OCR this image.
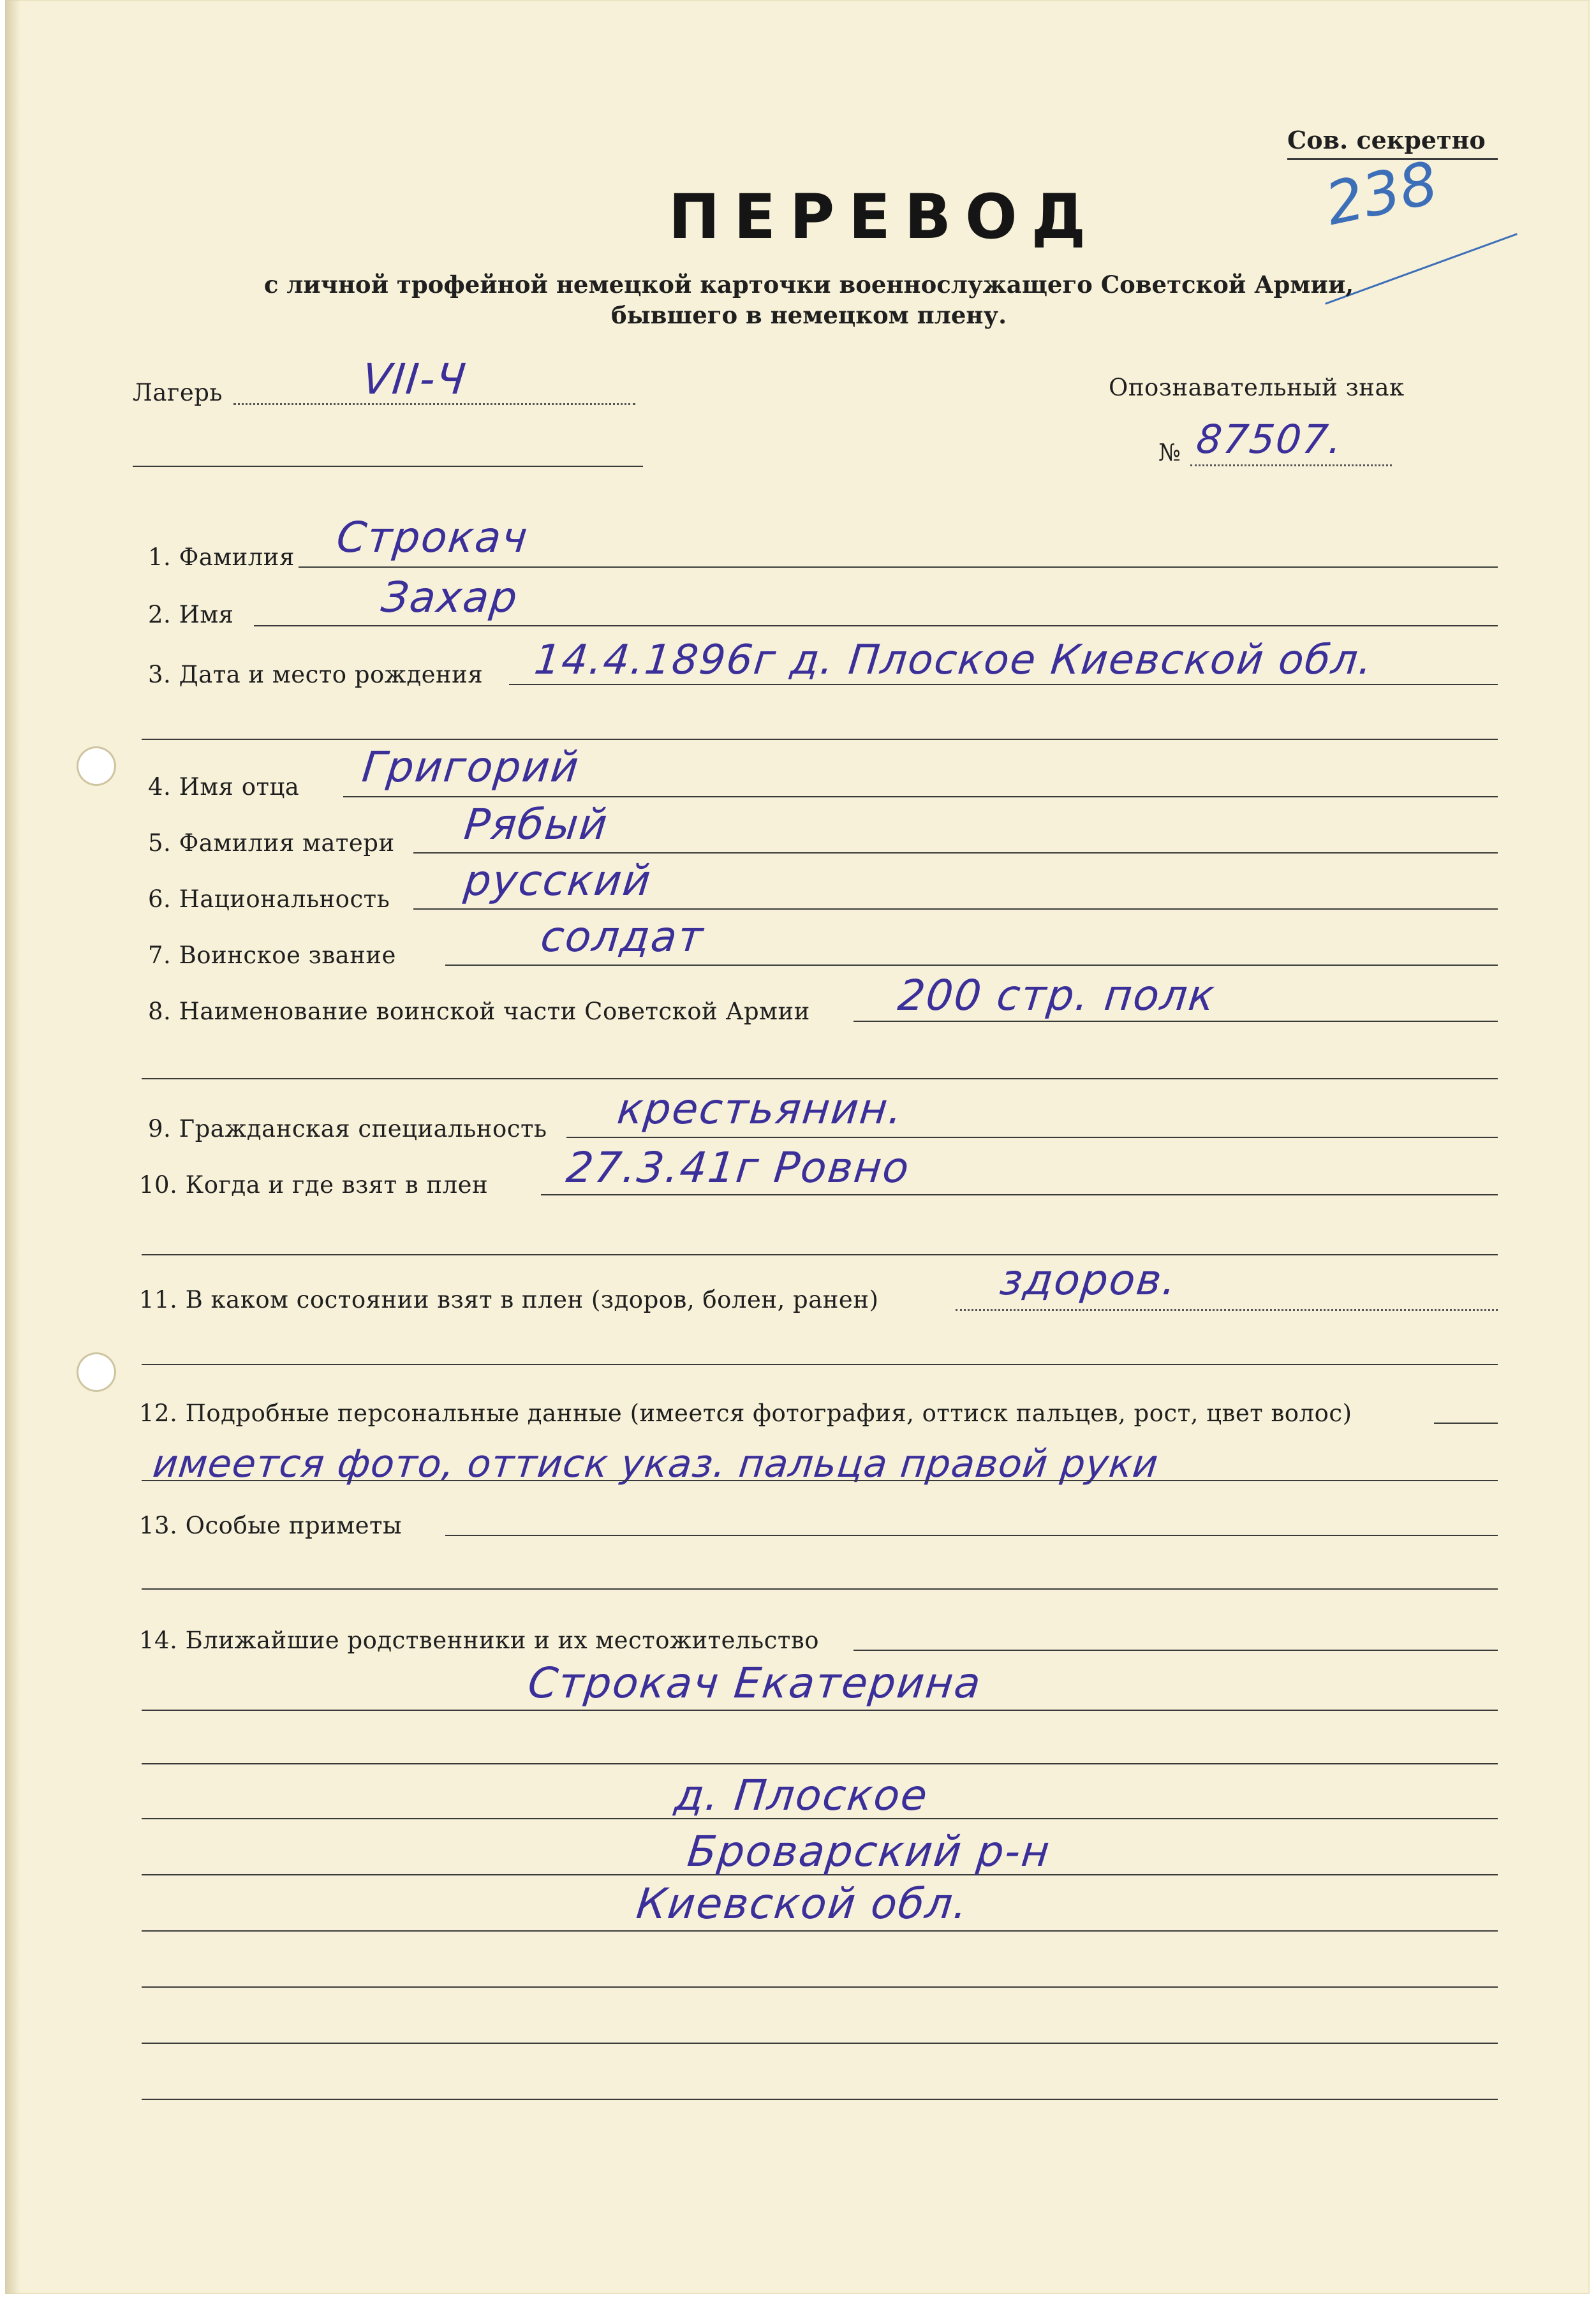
Сов. секретно
238
ПЕРЕВОД
с личной трофейной немецкой карточки военнослужащего Советской Армии,
бывшего в немецком плену.
Лагерь	VII-Ч	Опознавательный знак
№ 87507.
1. Фамилия Строкач
2. Имя	Захар
3. Дата и место рождения 14.4.1896г д. Плоское Киевской обл.
4. Имя отца Григорий
5. Фамилия матери Рябый
6. Национальность русский
7. Воинское звание	солдат
8. Наименование воинской части Советской Армии 200 стр. полк
9. Гражданская специальность крестьянин.
10. Когда и где взят в плен 27.3.41г Ровно
11. В каком состоянии взят в плен (здоров, болен, ранен)	здоров.
12. Подробные персональные данные (имеется фотография, оттиск пальцев, рост, цвет волос)
имеется фото, оттиск указ. пальца правой руки
13. Особые приметы
14. Ближайшие родственники и их местожительство
Строкач Екатерина
д. Плоское
Броварский р-н
Киевской обл.
